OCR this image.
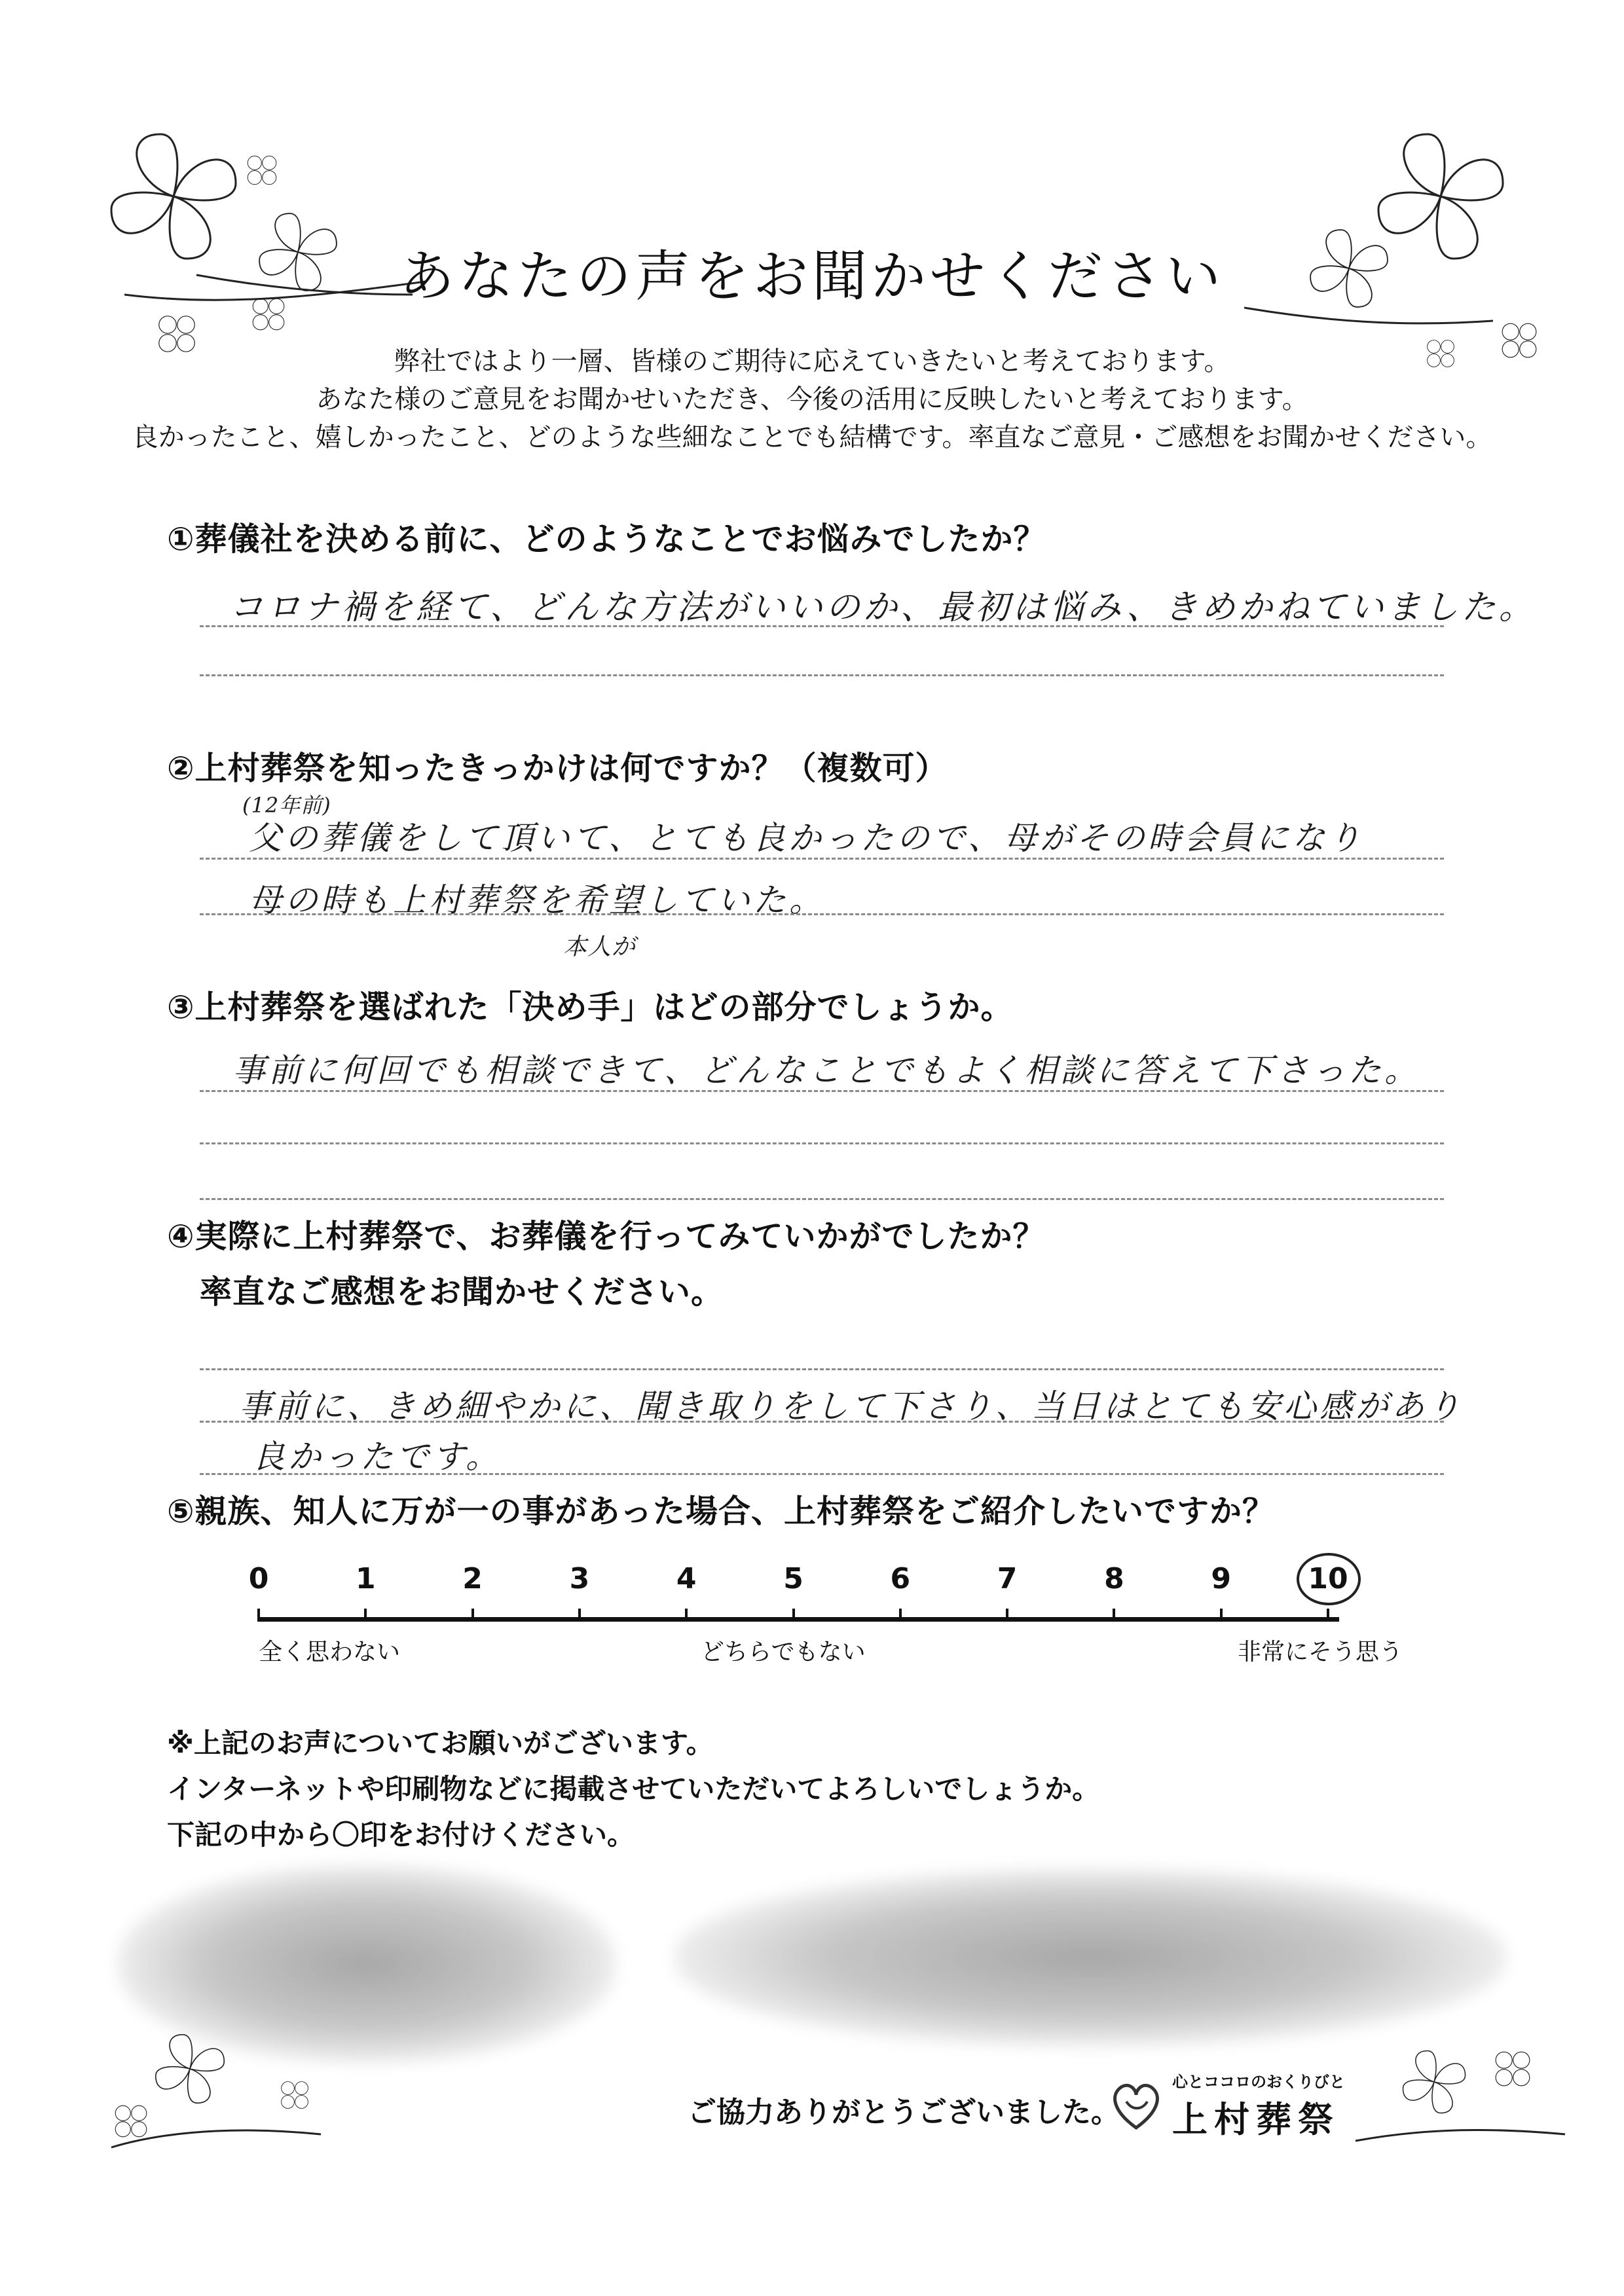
あなたの声をお聞かせください
弊社ではより一層、皆様のご期待に応えていきたいと考えております。
あなた様のご意見をお聞かせいただき、今後の活用に反映したいと考えております。
良かったこと、嬉しかったこと、どのような些細なことでも結構です。率直なご意見・ご感想をお聞かせください。
①葬儀社を決める前に、どのようなことでお悩みでしたか？
コロナ禍を経て、どんな方法がいいのか、最初は悩み、きめかねていました。
②上村葬祭を知ったきっかけは何ですか？（複数可）
(12年前)
父の葬儀をして頂いて、とても良かったので、母がその時会員になり
母の時も上村葬祭を希望していた。
本人が
③上村葬祭を選ばれた「決め手」はどの部分でしょうか。
事前に何回でも相談できて、どんなことでもよく相談に答えて下さった。
④実際に上村葬祭で、お葬儀を行ってみていかがでしたか？
率直なご感想をお聞かせください。
事前に、きめ細やかに、聞き取りをして下さり、当日はとても安心感があり
良かったです。
⑤親族、知人に万が一の事があった場合、上村葬祭をご紹介したいですか？
0	1	2	3	4	5	6	7	8	9	10
全く思わない	どちらでもない	非常にそう思う
※上記のお声についてお願いがございます。
インターネットや印刷物などに掲載させていただいてよろしいでしょうか。
下記の中から〇印をお付けください。
ご協力ありがとうございました。
心とココロのおくりびと
上村葬祭
